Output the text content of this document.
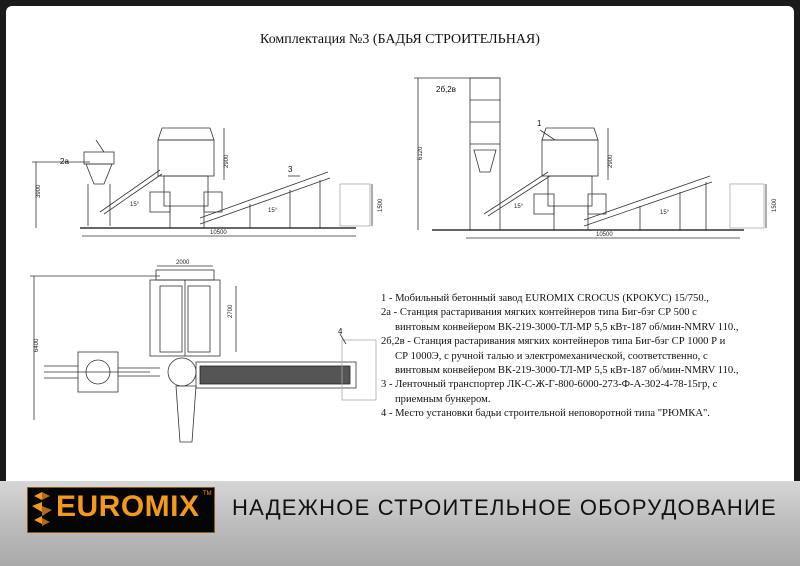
Комплектация №3 (БАДЬЯ СТРОИТЕЛЬНАЯ)
3900
2900
1500
10500
15°
15°
2а
3
6120
2900
1500
10500
15°
15°
2б,2в
1
2000
2700
6400
4
1 - Мобильный бетонный завод EUROMIX CROCUS (КРОКУС) 15/750.,
2а - Станция растаривания мягких контейнеров типа Биг-бэг СР 500 с
винтовым конвейером ВК-219-3000-ТЛ-МР 5,5 кВт-187 об/мин-NMRV 110.,
2б,2в - Станция растаривания мягких контейнеров типа Биг-бэг СР 1000 Р и
СР 1000Э, с ручной талью и электромеханической, соответственно, с
винтовым конвейером ВК-219-3000-ТЛ-МР 5,5 кВт-187 об/мин-NMRV 110.,
3 - Ленточный транспортер ЛК-С-Ж-Г-800-6000-273-Ф-А-302-4-78-15гр, с
приемным бункером.
4 - Место установки бадьи строительной неповоротной типа "РЮМКА".
EUROMIX TM
НАДЕЖНОЕ СТРОИТЕЛЬНОЕ ОБОРУДОВАНИЕ
